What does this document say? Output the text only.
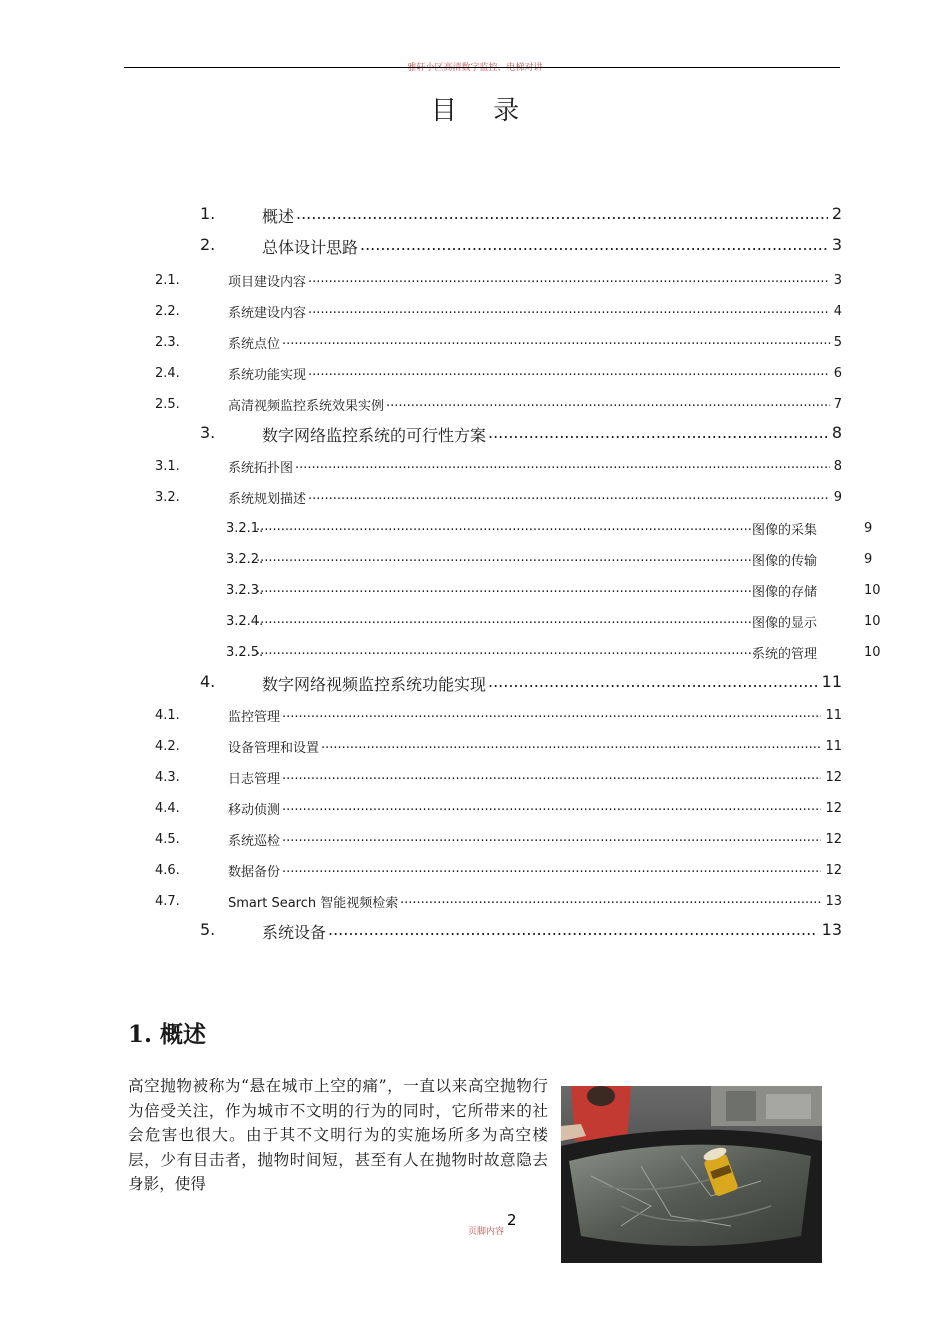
雅轩小区高清数字监控、电梯对讲
目 录
1.	概述 .....	2
2.	总体设计思路 .....	3
2.1.	项目建设内容 .....	3
2.2.	系统建设内容 .....	4
2.3.	系统点位 .....	5
2.4.	系统功能实现 .....	6
2.5.	高清视频监控系统效果实例 .....	7
3.	数字网络监控系统的可行性方案 .....	8
3.1.	系统拓扑图 .....	8
3.2.	系统规划描述 .....	9
3.2.1.	图像的采集 .....	9
3.2.2.	图像的传输 .....	9
3.2.3.	图像的存储 .....	10
3.2.4.	图像的显示 .....	10
3.2.5.	系统的管理 .....	10
4.	数字网络视频监控系统功能实现 .....	11
4.1.	监控管理 .....	11
4.2.	设备管理和设置 .....	11
4.3.	日志管理 .....	12
4.4.	移动侦测 .....	12
4.5.	系统巡检 .....	12
4.6.	数据备份 .....	12
4.7.	Smart Search 智能视频检索 .....	13
5.	系统设备 .....	13
1. 概述
高空抛物被称为“悬在城市上空的痛”，一直以来高空抛物行为倍受关注，作为城市不文明的行为的同时，它所带来的社会危害也很大。由于其不文明行为的实施场所多为高空楼层，少有目击者，抛物时间短，甚至有人在抛物时故意隐去身影，使得
页脚内容
2
